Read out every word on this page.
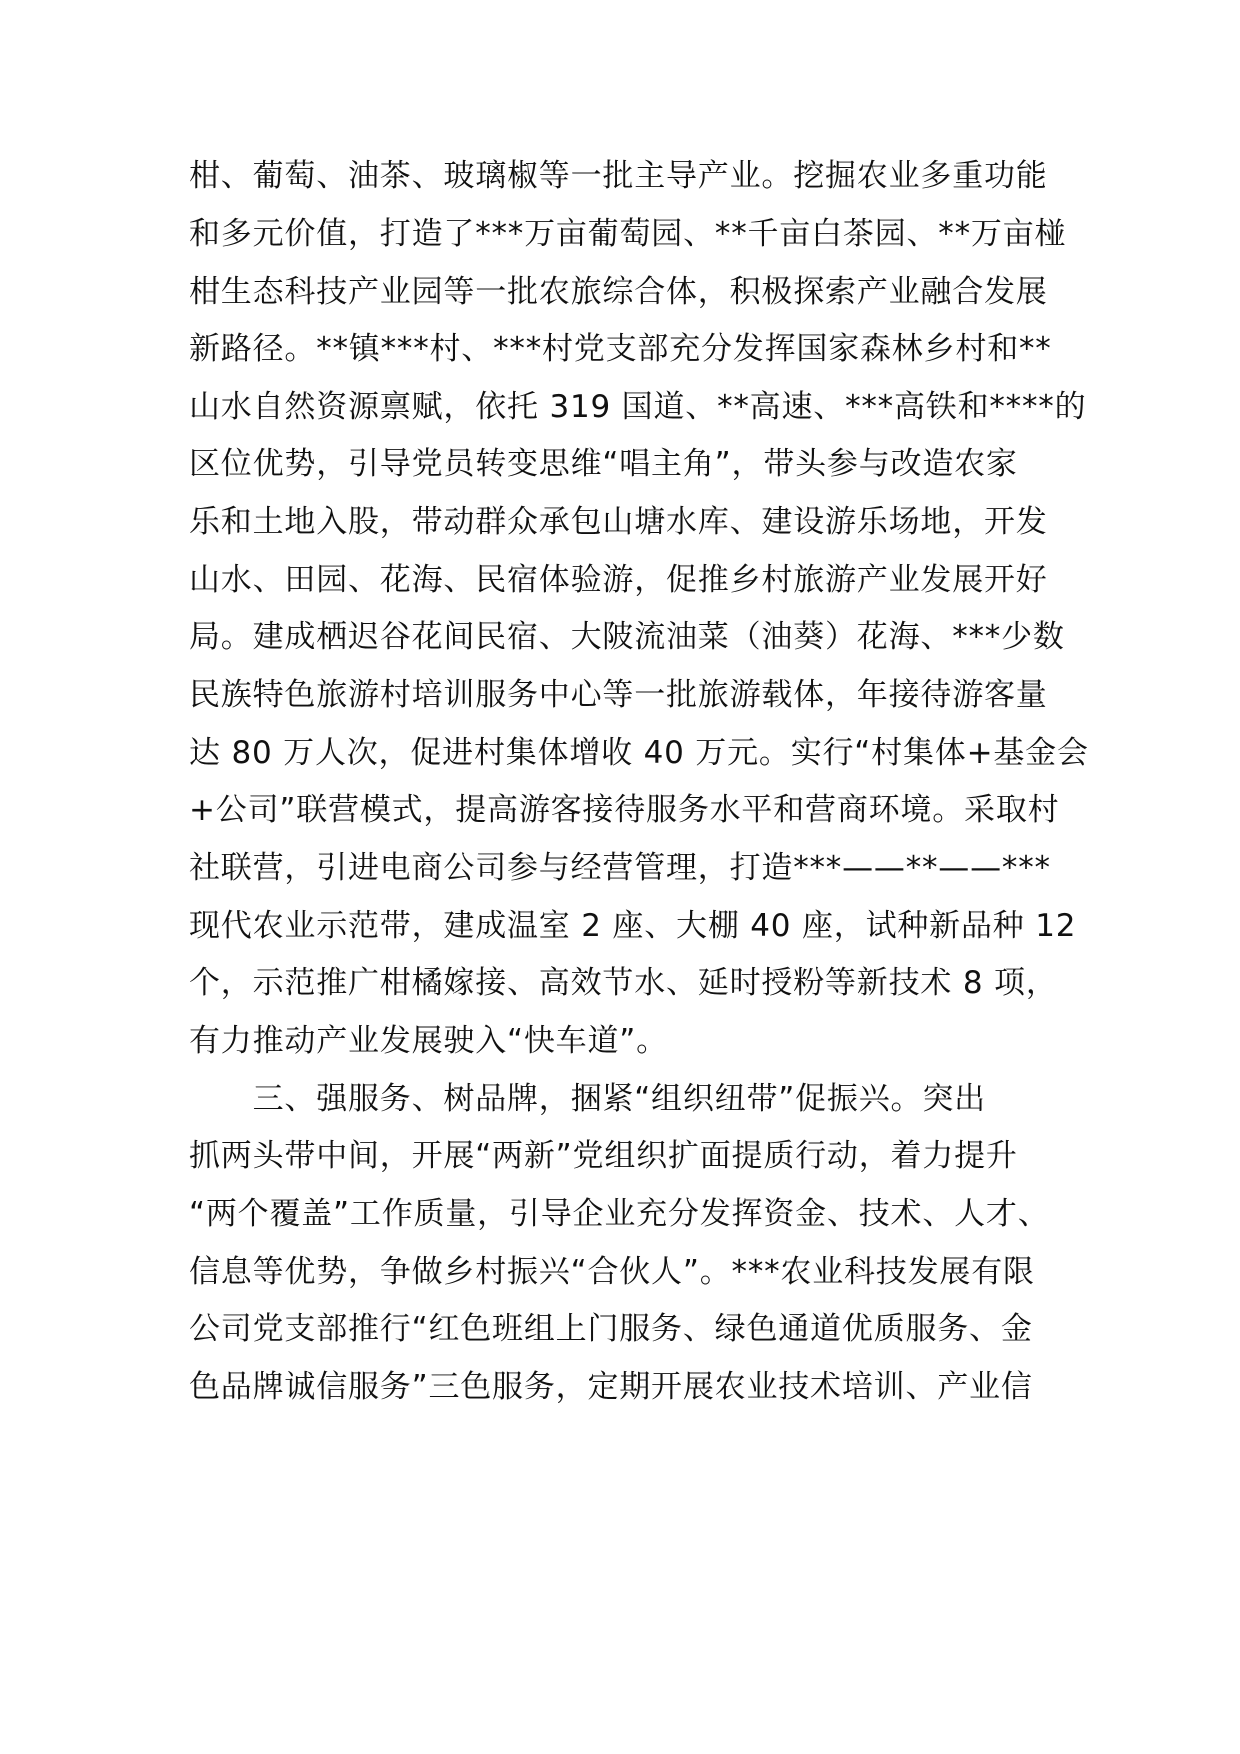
柑、葡萄、油茶、玻璃椒等一批主导产业。挖掘农业多重功能
和多元价值，打造了***万亩葡萄园、**千亩白茶园、**万亩椪
柑生态科技产业园等一批农旅综合体，积极探索产业融合发展
新路径。**镇***村、***村党支部充分发挥国家森林乡村和**
山水自然资源禀赋，依托 319 国道、**高速、***高铁和****的
区位优势，引导党员转变思维“唱主角”，带头参与改造农家
乐和土地入股，带动群众承包山塘水库、建设游乐场地，开发
山水、田园、花海、民宿体验游，促推乡村旅游产业发展开好
局。建成栖迟谷花间民宿、大陂流油菜（油葵）花海、***少数
民族特色旅游村培训服务中心等一批旅游载体，年接待游客量
达 80 万人次，促进村集体增收 40 万元。实行“村集体+基金会
+公司”联营模式，提高游客接待服务水平和营商环境。采取村
社联营，引进电商公司参与经营管理，打造***——**——***
现代农业示范带，建成温室 2 座、大棚 40 座，试种新品种 12
个，示范推广柑橘嫁接、高效节水、延时授粉等新技术 8 项，
有力推动产业发展驶入“快车道”。
　　三、强服务、树品牌，捆紧“组织纽带”促振兴。突出
抓两头带中间，开展“两新”党组织扩面提质行动，着力提升
“两个覆盖”工作质量，引导企业充分发挥资金、技术、人才、
信息等优势，争做乡村振兴“合伙人”。***农业科技发展有限
公司党支部推行“红色班组上门服务、绿色通道优质服务、金
色品牌诚信服务”三色服务，定期开展农业技术培训、产业信
